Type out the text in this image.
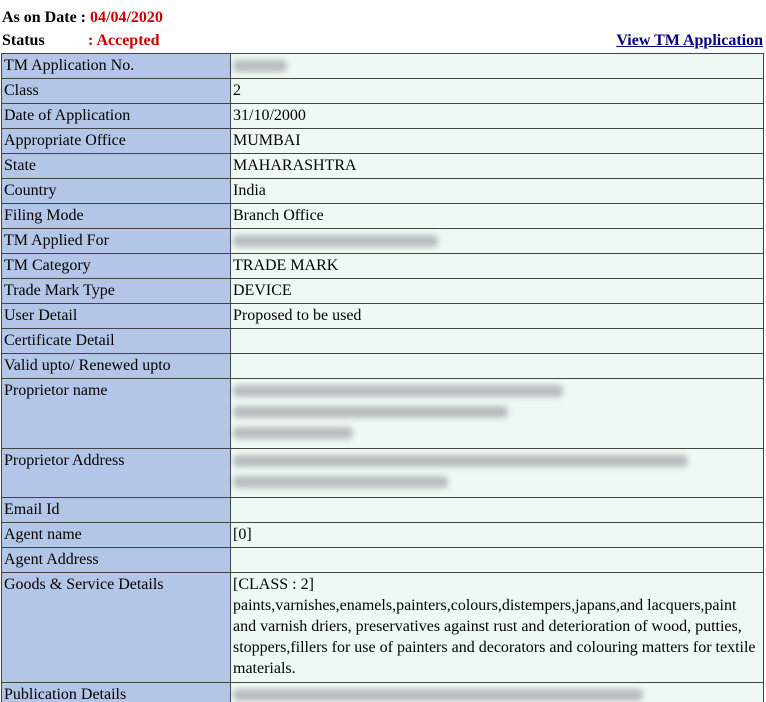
As on Date : 04/04/2020
Status	: Accepted	View TM Application
TM Application No.	
Class	2
Date of Application	31/10/2000
Appropriate Office	MUMBAI
State	MAHARASHTRA
Country	India
Filing Mode	Branch Office
TM Applied For	
TM Category	TRADE MARK
Trade Mark Type	DEVICE
User Detail	Proposed to be used
Certificate Detail	
Valid upto/ Renewed upto	
Proprietor name	

Proprietor Address	

Email Id	
Agent name	[0]
Agent Address	
Goods & Service Details	[CLASS : 2]
paints,varnishes,enamels,painters,colours,distempers,japans,and lacquers,paint and varnish driers, preservatives against rust and deterioration of wood, putties, stoppers,fillers for use of painters and decorators and colouring matters for textile materials.

Publication Details	
